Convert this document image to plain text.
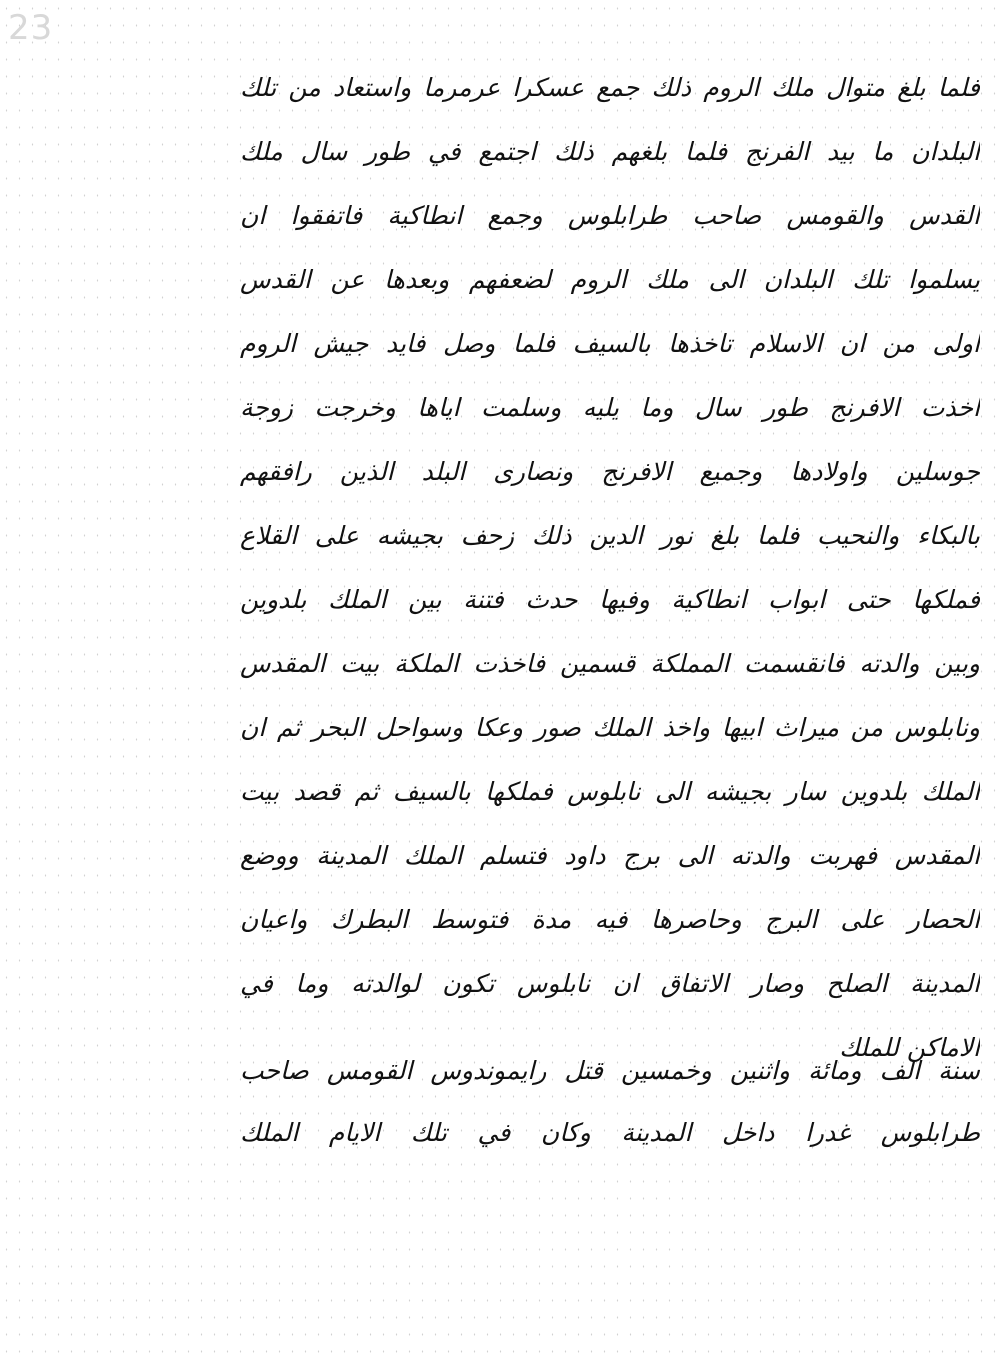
23
فلما بلغ متوال ملك الروم ذلك جمع عسكرا عرمرما واستعاد من تلك
البلدان ما بيد الفرنج فلما بلغهم ذلك اجتمع في طور سال ملك
القدس والقومس صاحب طرابلوس وجمع انطاكية فاتفقوا ان
يسلموا تلك البلدان الى ملك الروم لضعفهم وبعدها عن القدس
اولى من ان الاسلام تاخذها بالسيف فلما وصل فايد جيش الروم
اخذت الافرنج طور سال وما يليه وسلمت اياها وخرجت زوجة
جوسلين واولادها وجميع الافرنج ونصارى البلد الذين رافقهم
بالبكاء والنحيب فلما بلغ نور الدين ذلك زحف بجيشه على القلاع
فملكها حتى ابواب انطاكية وفيها حدث فتنة بين الملك بلدوين
وبين والدته فانقسمت المملكة قسمين فاخذت الملكة بيت المقدس
ونابلوس من ميراث ابيها واخذ الملك صور وعكا وسواحل البحر ثم ان
الملك بلدوين سار بجيشه الى نابلوس فملكها بالسيف ثم قصد بيت
المقدس فهربت والدته الى برج داود فتسلم الملك المدينة ووضع
الحصار على البرج وحاصرها فيه مدة فتوسط البطرك واعيان
المدينة الصلح وصار الاتفاق ان نابلوس تكون لوالدته وما في
الاماكن للملك
سنة الف ومائة واثنين وخمسين قتل رايموندوس القومس صاحب
طرابلوس غدرا داخل المدينة وكان في تلك الايام الملك
